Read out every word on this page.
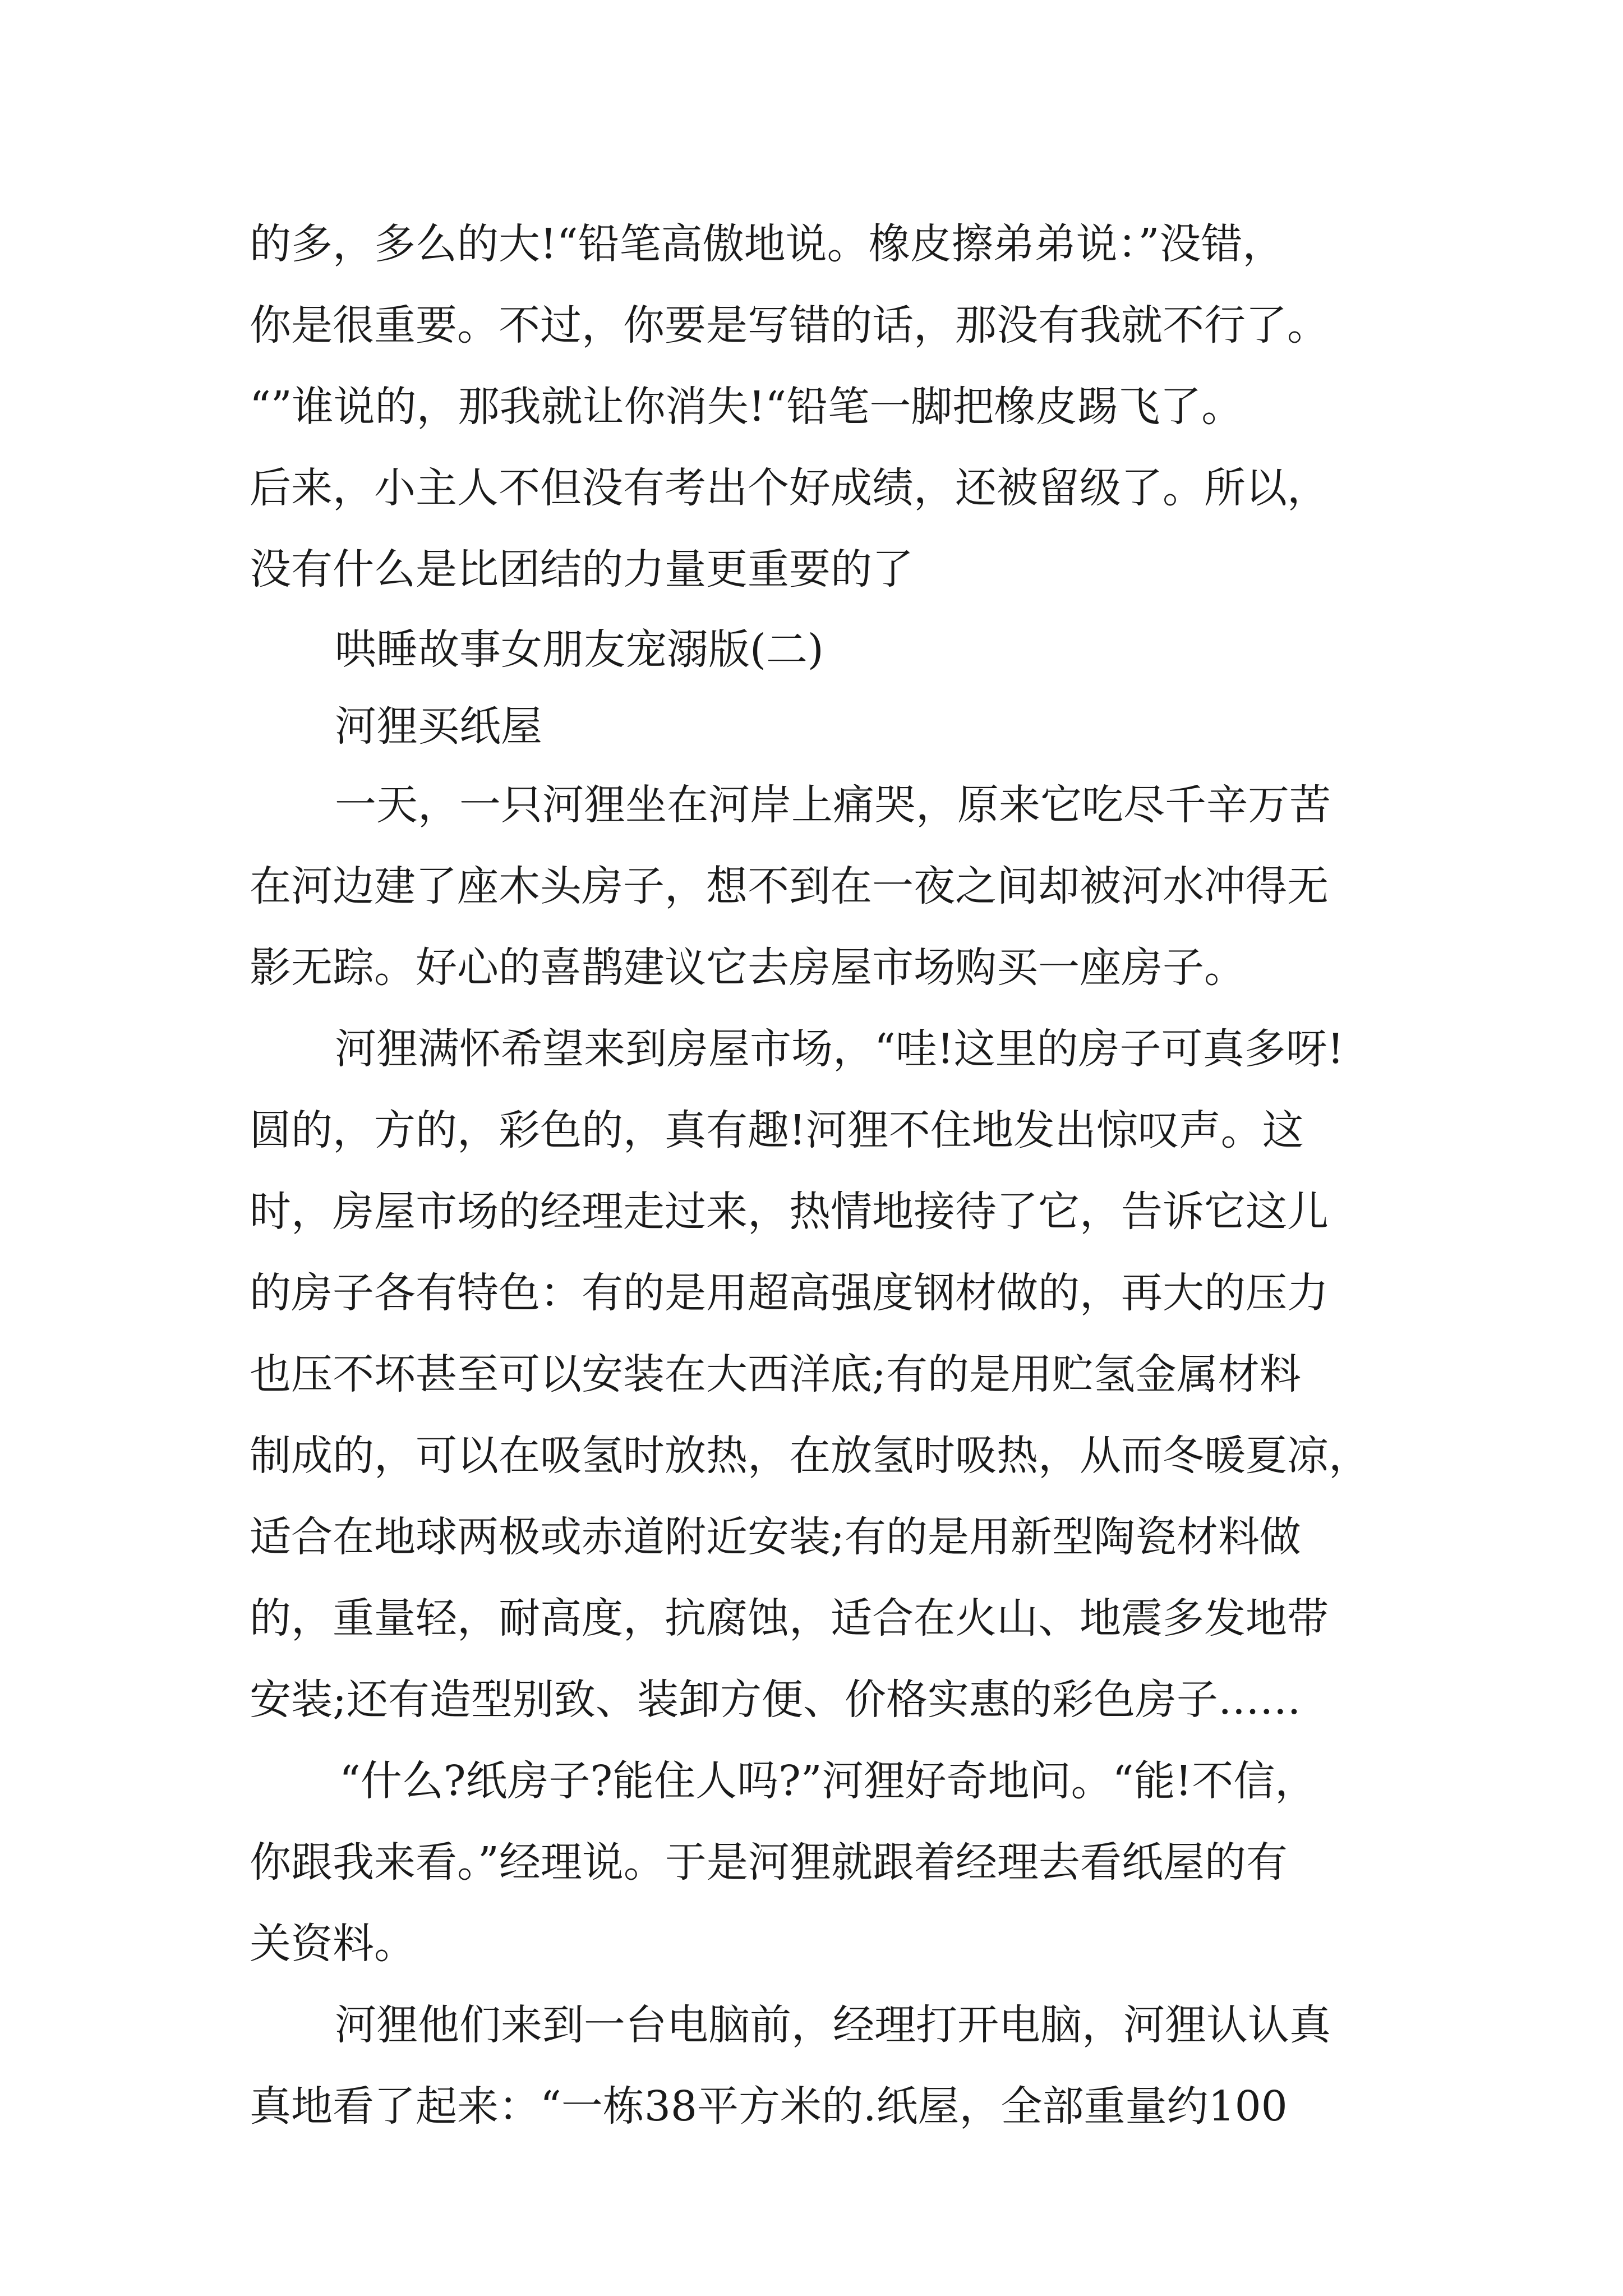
的多，多么的大!“铅笔高傲地说。橡皮擦弟弟说：”没错，
你是很重要。不过，你要是写错的话，那没有我就不行了。
“”谁说的，那我就让你消失!“铅笔一脚把橡皮踢飞了。
后来，小主人不但没有考出个好成绩，还被留级了。所以，
没有什么是比团结的力量更重要的了
哄睡故事女朋友宠溺版(二)
河狸买纸屋
一天，一只河狸坐在河岸上痛哭，原来它吃尽千辛万苦
在河边建了座木头房子，想不到在一夜之间却被河水冲得无
影无踪。好心的喜鹊建议它去房屋市场购买一座房子。
河狸满怀希望来到房屋市场，“哇!这里的房子可真多呀!
圆的，方的，彩色的，真有趣!河狸不住地发出惊叹声。这
时，房屋市场的经理走过来，热情地接待了它，告诉它这儿
的房子各有特色：有的是用超高强度钢材做的，再大的压力
也压不坏甚至可以安装在大西洋底;有的是用贮氢金属材料
制成的，可以在吸氢时放热，在放氢时吸热，从而冬暖夏凉，
适合在地球两极或赤道附近安装;有的是用新型陶瓷材料做
的，重量轻，耐高度，抗腐蚀，适合在火山、地震多发地带
安装;还有造型别致、装卸方便、价格实惠的彩色房子……
“什么?纸房子?能住人吗?”河狸好奇地问。“能!不信，
你跟我来看。”经理说。于是河狸就跟着经理去看纸屋的有
关资料。
河狸他们来到一台电脑前，经理打开电脑，河狸认认真
真地看了起来：“一栋38平方米的.纸屋，全部重量约100
